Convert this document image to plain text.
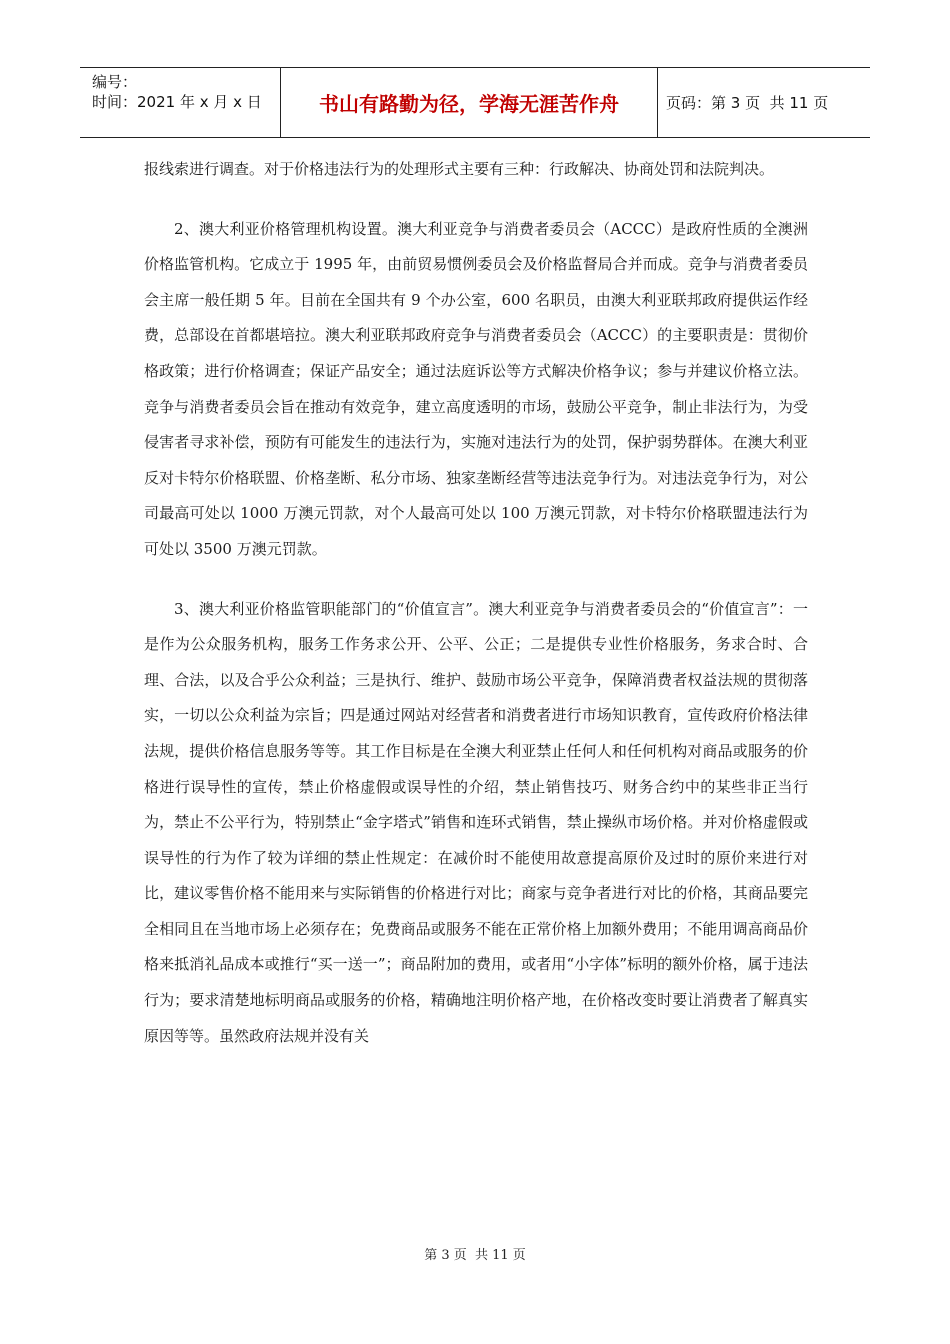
编号：
时间：2021 年 x 月 x 日	书山有路勤为径，学海无涯苦作舟	页码：第 3 页  共 11 页

报线索进行调查。对于价格违法行为的处理形式主要有三种：行政解决、协商处罚和法院判决。

2、澳大利亚价格管理机构设置。澳大利亚竞争与消费者委员会（ACCC）是政府性质的全澳洲价格监管机构。它成立于 1995 年，由前贸易惯例委员会及价格监督局合并而成。竞争与消费者委员会主席一般任期 5 年。目前在全国共有 9 个办公室，600 名职员，由澳大利亚联邦政府提供运作经费，总部设在首都堪培拉。澳大利亚联邦政府竞争与消费者委员会（ACCC）的主要职责是：贯彻价格政策；进行价格调查；保证产品安全；通过法庭诉讼等方式解决价格争议；参与并建议价格立法。竞争与消费者委员会旨在推动有效竞争，建立高度透明的市场，鼓励公平竞争，制止非法行为，为受侵害者寻求补偿，预防有可能发生的违法行为，实施对违法行为的处罚，保护弱势群体。在澳大利亚反对卡特尔价格联盟、价格垄断、私分市场、独家垄断经营等违法竞争行为。对违法竞争行为，对公司最高可处以 1000 万澳元罚款，对个人最高可处以 100 万澳元罚款，对卡特尔价格联盟违法行为可处以 3500 万澳元罚款。

3、澳大利亚价格监管职能部门的“价值宣言”。澳大利亚竞争与消费者委员会的“价值宣言”：一是作为公众服务机构，服务工作务求公开、公平、公正；二是提供专业性价格服务，务求合时、合理、合法，以及合乎公众利益；三是执行、维护、鼓励市场公平竞争，保障消费者权益法规的贯彻落实，一切以公众利益为宗旨；四是通过网站对经营者和消费者进行市场知识教育，宣传政府价格法律法规，提供价格信息服务等等。其工作目标是在全澳大利亚禁止任何人和任何机构对商品或服务的价格进行误导性的宣传，禁止价格虚假或误导性的介绍，禁止销售技巧、财务合约中的某些非正当行为，禁止不公平行为，特别禁止“金字塔式”销售和连环式销售，禁止操纵市场价格。并对价格虚假或误导性的行为作了较为详细的禁止性规定：在减价时不能使用故意提高原价及过时的原价来进行对比，建议零售价格不能用来与实际销售的价格进行对比；商家与竞争者进行对比的价格，其商品要完全相同且在当地市场上必须存在；免费商品或服务不能在正常价格上加额外费用；不能用调高商品价格来抵消礼品成本或推行“买一送一”；商品附加的费用，或者用“小字体”标明的额外价格，属于违法行为；要求清楚地标明商品或服务的价格，精确地注明价格产地，在价格改变时要让消费者了解真实原因等等。虽然政府法规并没有关

第 3 页  共 11 页
